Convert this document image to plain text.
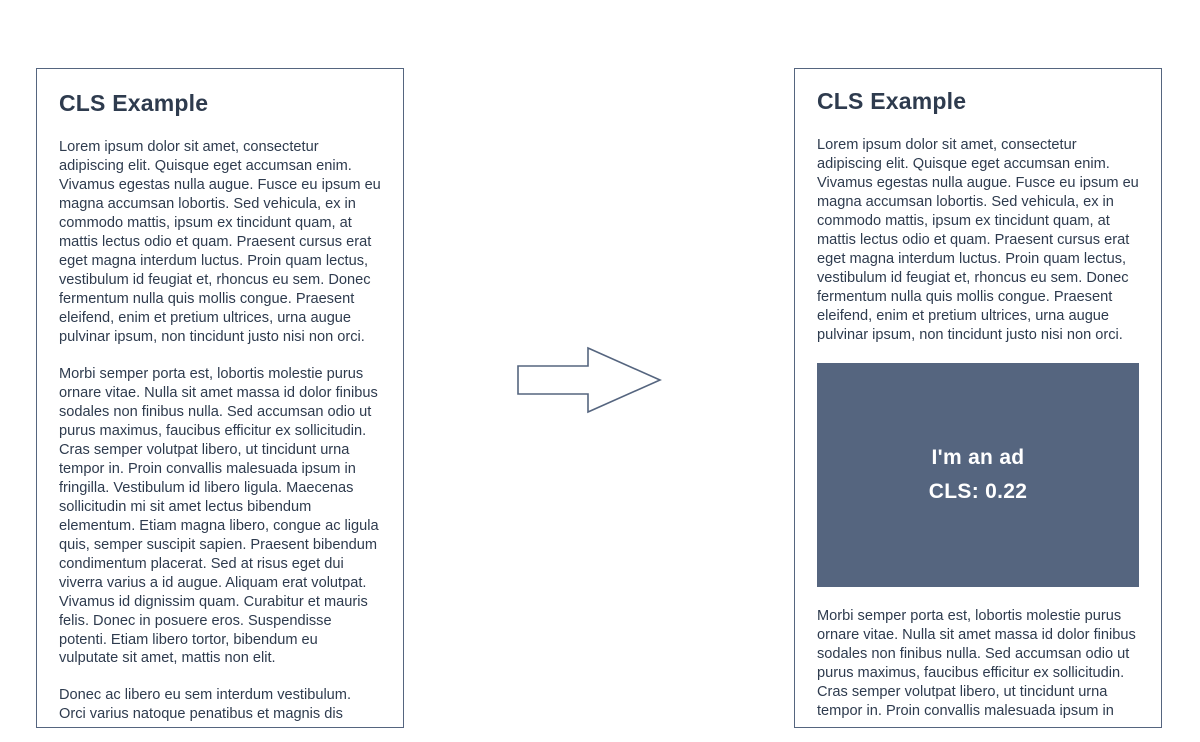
CLS Example

Lorem ipsum dolor sit amet, consectetur adipiscing elit. Quisque eget accumsan enim. Vivamus egestas nulla augue. Fusce eu ipsum eu magna accumsan lobortis. Sed vehicula, ex in commodo mattis, ipsum ex tincidunt quam, at mattis lectus odio et quam. Praesent cursus erat eget magna interdum luctus. Proin quam lectus, vestibulum id feugiat et, rhoncus eu sem. Donec fermentum nulla quis mollis congue. Praesent eleifend, enim et pretium ultrices, urna augue pulvinar ipsum, non tincidunt justo nisi non orci.

Morbi semper porta est, lobortis molestie purus ornare vitae. Nulla sit amet massa id dolor finibus sodales non finibus nulla. Sed accumsan odio ut purus maximus, faucibus efficitur ex sollicitudin. Cras semper volutpat libero, ut tincidunt urna tempor in. Proin convallis malesuada ipsum in fringilla. Vestibulum id libero ligula. Maecenas sollicitudin mi sit amet lectus bibendum elementum. Etiam magna libero, congue ac ligula quis, semper suscipit sapien. Praesent bibendum condimentum placerat. Sed at risus eget dui viverra varius a id augue. Aliquam erat volutpat. Vivamus id dignissim quam. Curabitur et mauris felis. Donec in posuere eros. Suspendisse potenti. Etiam libero tortor, bibendum eu vulputate sit amet, mattis non elit.

Donec ac libero eu sem interdum vestibulum. Orci varius natoque penatibus et magnis dis

CLS Example

Lorem ipsum dolor sit amet, consectetur adipiscing elit. Quisque eget accumsan enim. Vivamus egestas nulla augue. Fusce eu ipsum eu magna accumsan lobortis. Sed vehicula, ex in commodo mattis, ipsum ex tincidunt quam, at mattis lectus odio et quam. Praesent cursus erat eget magna interdum luctus. Proin quam lectus, vestibulum id feugiat et, rhoncus eu sem. Donec fermentum nulla quis mollis congue. Praesent eleifend, enim et pretium ultrices, urna augue pulvinar ipsum, non tincidunt justo nisi non orci.

I'm an ad
CLS: 0.22

Morbi semper porta est, lobortis molestie purus ornare vitae. Nulla sit amet massa id dolor finibus sodales non finibus nulla. Sed accumsan odio ut purus maximus, faucibus efficitur ex sollicitudin. Cras semper volutpat libero, ut tincidunt urna tempor in. Proin convallis malesuada ipsum in
